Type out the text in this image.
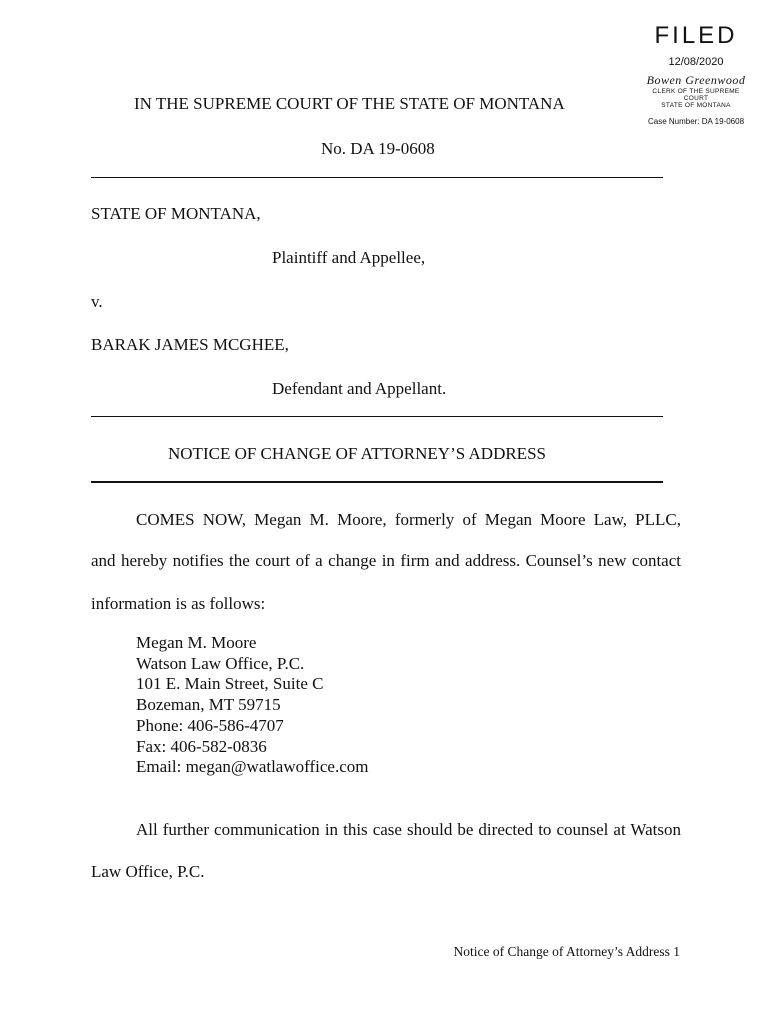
FILED
12/08/2020
Bowen Greenwood
CLERK OF THE SUPREME COURT
STATE OF MONTANA
Case Number: DA 19-0608
IN THE SUPREME COURT OF THE STATE OF MONTANA
No. DA 19-0608
STATE OF MONTANA,
Plaintiff and Appellee,
v.
BARAK JAMES MCGHEE,
Defendant and Appellant.
NOTICE OF CHANGE OF ATTORNEY’S ADDRESS
COMES NOW, Megan M. Moore, formerly of Megan Moore Law, PLLC,
and hereby notifies the court of a change in firm and address. Counsel’s new contact
information is as follows:
Megan M. Moore
Watson Law Office, P.C.
101 E. Main Street, Suite C
Bozeman, MT 59715
Phone: 406-586-4707
Fax: 406-582-0836
Email: megan@watlawoffice.com
All further communication in this case should be directed to counsel at Watson
Law Office, P.C.
Notice of Change of Attorney’s Address 1
